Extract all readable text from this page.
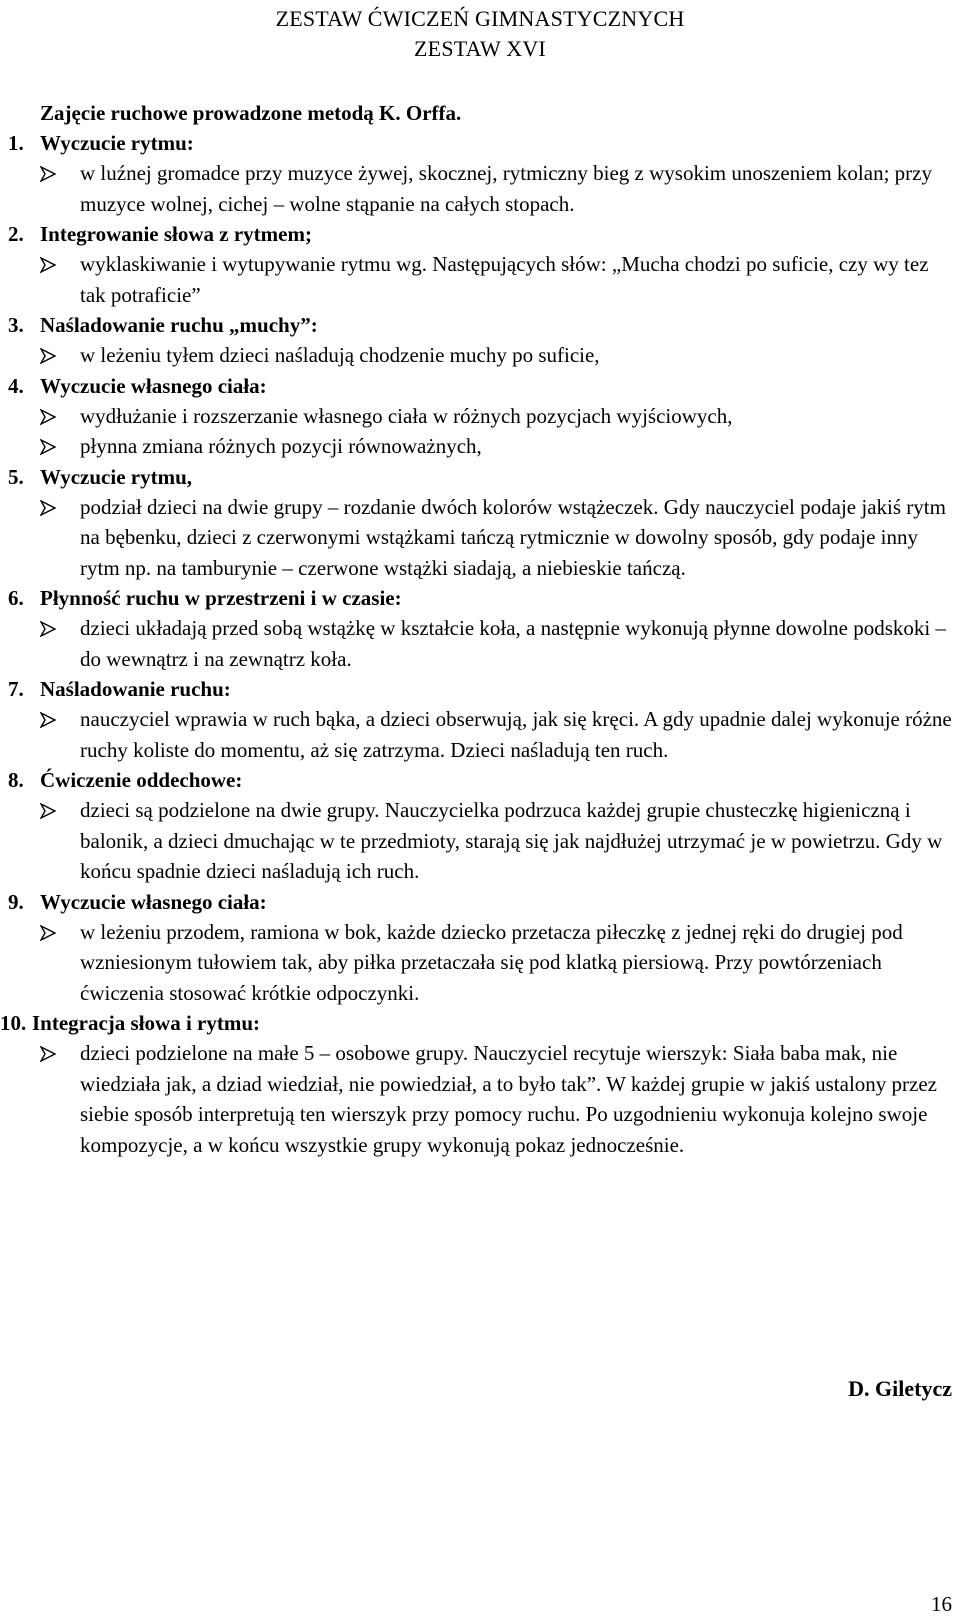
ZESTAW ĆWICZEŃ GIMNASTYCZNYCH
ZESTAW XVI
Zajęcie ruchowe prowadzone metodą K. Orffa.
1. Wyczucie rytmu:
w luźnej gromadce przy muzyce żywej, skocznej, rytmiczny bieg z wysokim unoszeniem kolan; przy muzyce wolnej, cichej – wolne stąpanie na całych stopach.
2. Integrowanie słowa z rytmem;
wyklaskiwanie i wytupywanie rytmu wg. Następujących słów: „Mucha chodzi po suficie, czy wy tez tak potraficie”
3. Naśladowanie ruchu „muchy”:
w leżeniu tyłem dzieci naśladują chodzenie muchy po suficie,
4. Wyczucie własnego ciała:
wydłużanie i rozszerzanie własnego ciała w różnych pozycjach wyjściowych,
płynna zmiana różnych pozycji równoważnych,
5. Wyczucie rytmu,
podział dzieci na dwie grupy – rozdanie dwóch kolorów wstążeczek. Gdy nauczyciel podaje jakiś rytm na bębenku, dzieci z czerwonymi wstążkami tańczą rytmicznie w dowolny sposób, gdy podaje inny rytm np. na tamburynie – czerwone wstążki siadają, a niebieskie tańczą.
6. Płynność ruchu w przestrzeni i w czasie:
dzieci układają przed sobą wstążkę w kształcie koła, a następnie wykonują płynne dowolne podskoki – do wewnątrz i na zewnątrz koła.
7. Naśladowanie ruchu:
nauczyciel wprawia w ruch bąka, a dzieci obserwują, jak się kręci. A gdy upadnie dalej wykonuje różne ruchy koliste do momentu, aż się zatrzyma. Dzieci naśladują ten ruch.
8. Ćwiczenie oddechowe:
dzieci są podzielone na dwie grupy. Nauczycielka podrzuca każdej grupie chusteczkę higieniczną i balonik, a dzieci dmuchając w te przedmioty, starają się jak najdłużej utrzymać je w powietrzu. Gdy w końcu spadnie dzieci naśladują ich ruch.
9. Wyczucie własnego ciała:
w leżeniu przodem, ramiona w bok, każde dziecko przetacza piłeczkę z jednej ręki do drugiej pod wzniesionym tułowiem tak, aby piłka przetaczała się pod klatką piersiową. Przy powtórzeniach ćwiczenia stosować krótkie odpoczynki.
10. Integracja słowa i rytmu:
dzieci podzielone na małe 5 – osobowe grupy. Nauczyciel recytuje wierszyk: Siała baba mak, nie wiedziała jak, a dziad wiedział, nie powiedział, a to było tak”. W każdej grupie w jakiś ustalony przez siebie sposób interpretują ten wierszyk przy pomocy ruchu. Po uzgodnieniu wykonuja kolejno swoje kompozycje, a w końcu wszystkie grupy wykonują pokaz jednocześnie.
D. Giletycz
16
